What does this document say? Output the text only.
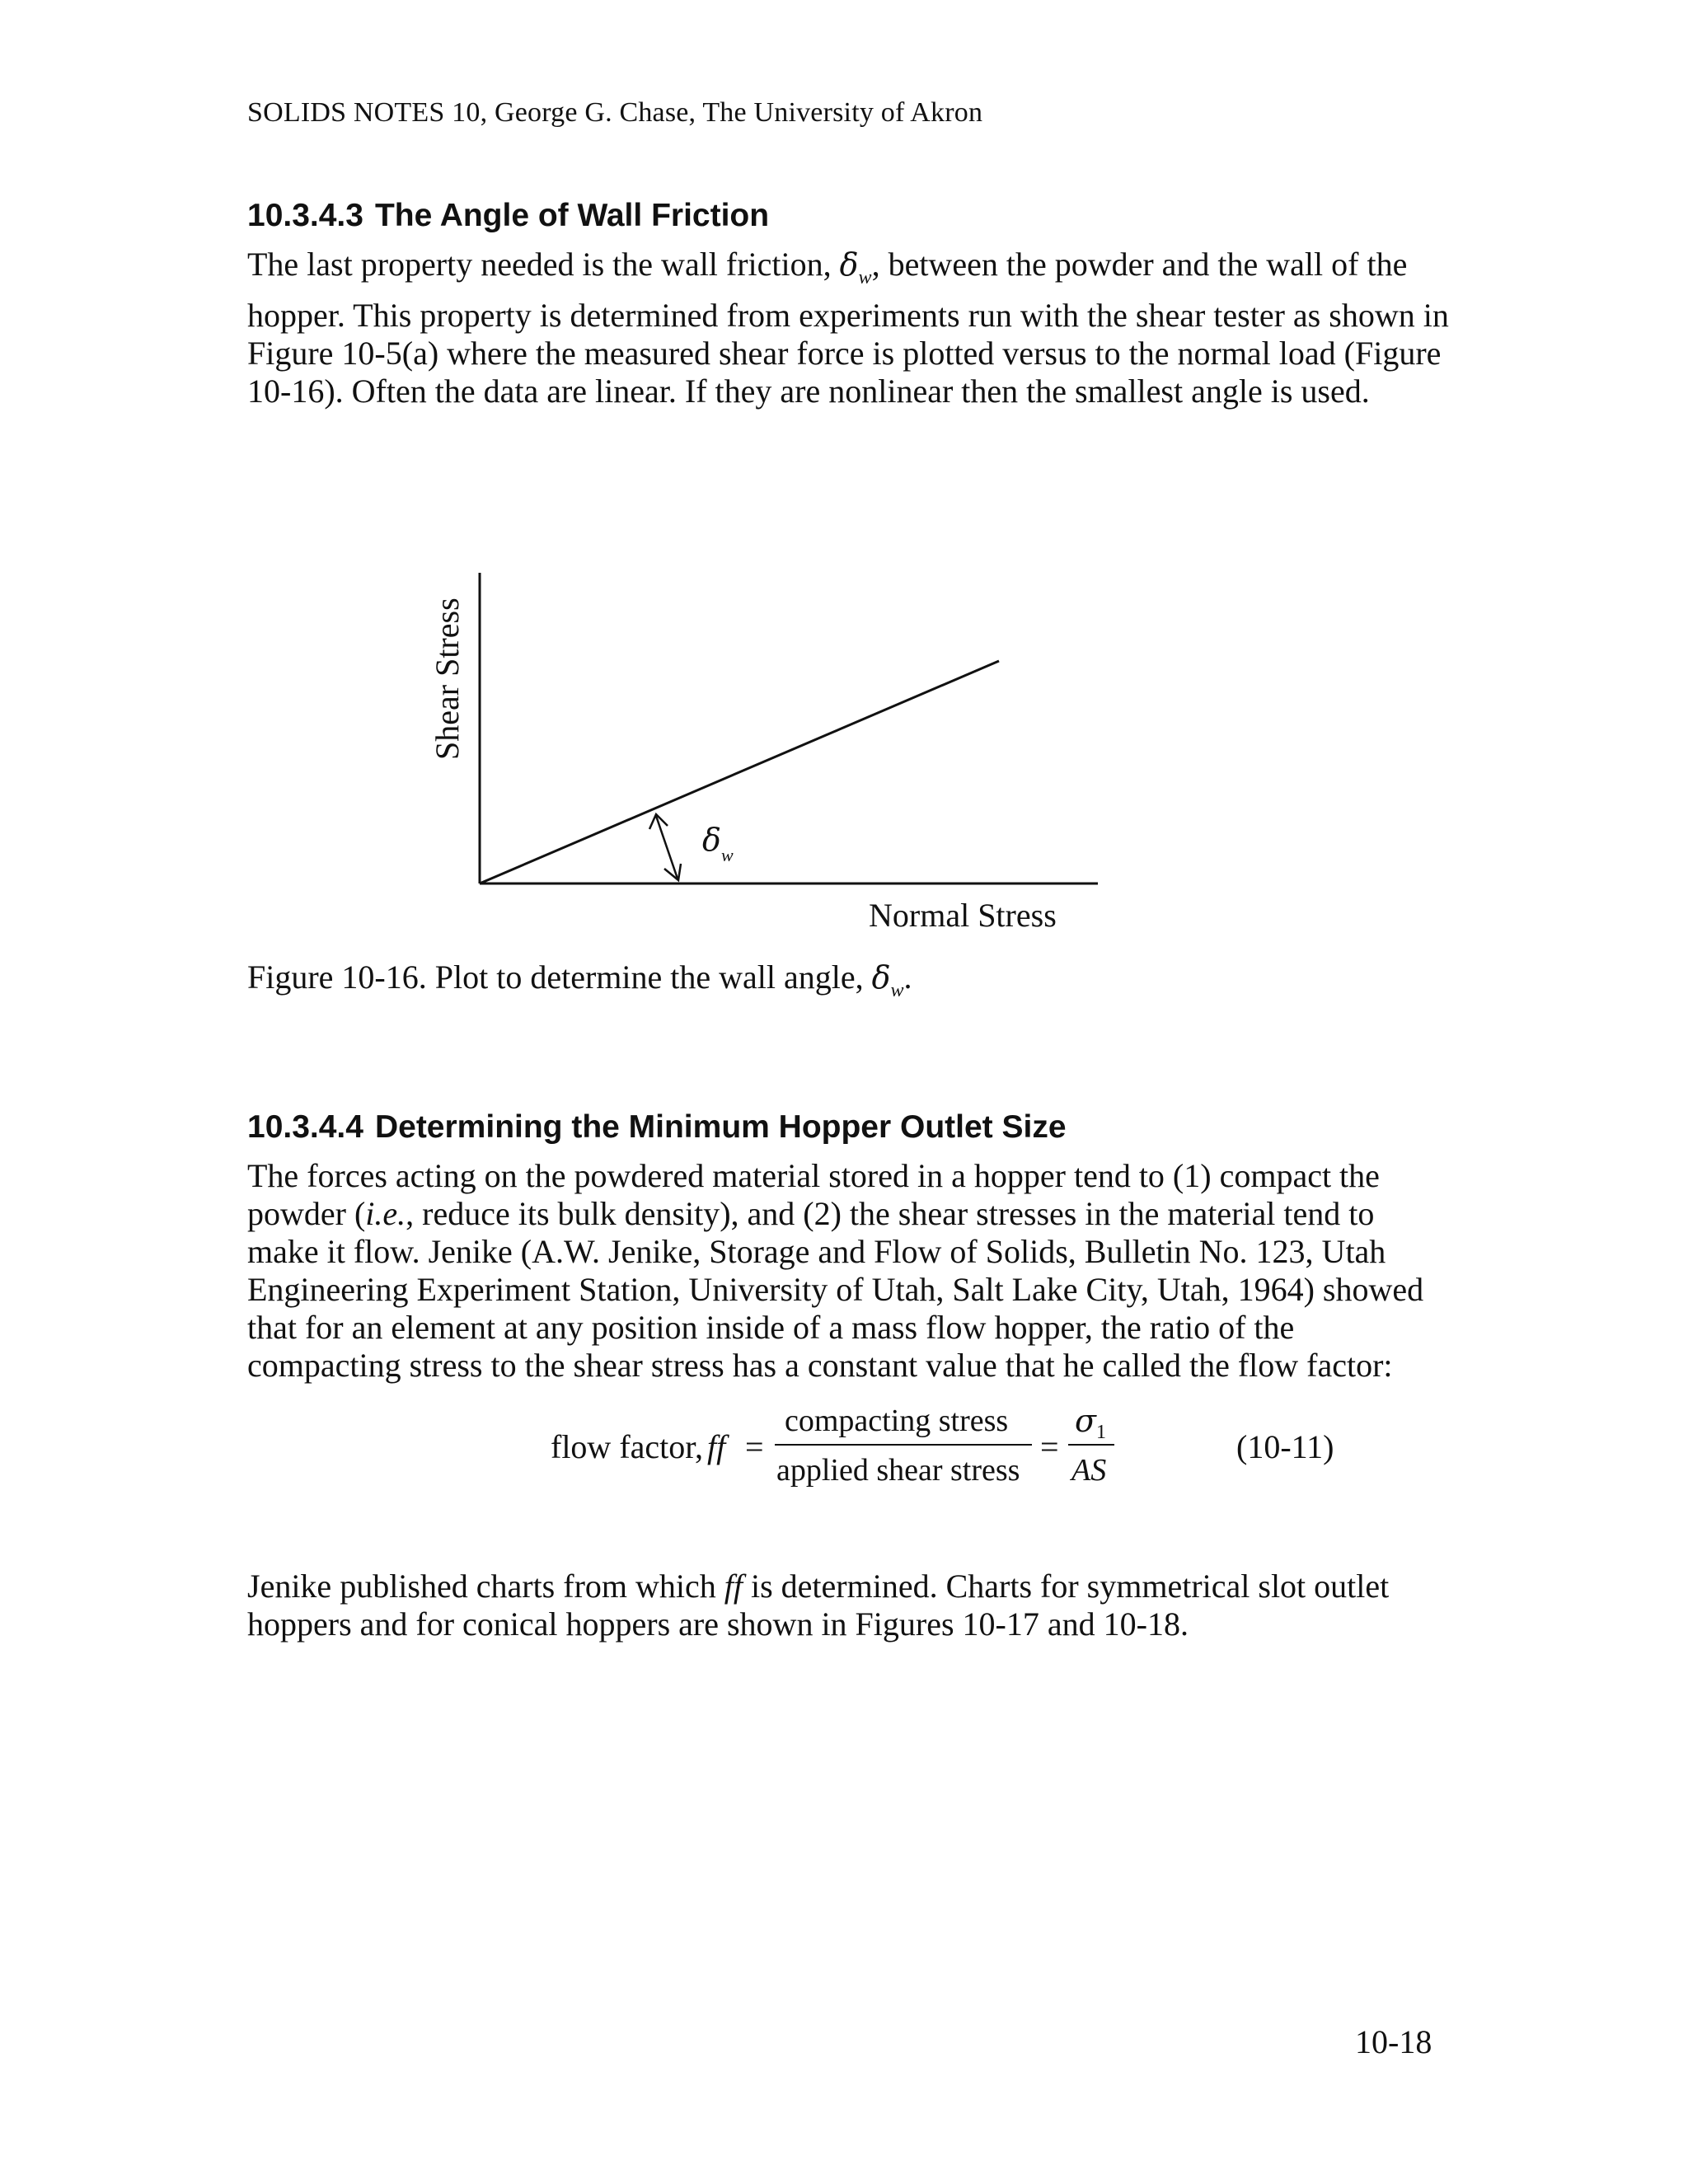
SOLIDS NOTES 10, George G. Chase, The University of Akron
10.3.4.3 The Angle of Wall Friction

The last property needed is the wall friction, $\delta_w$, between the powder and the wall of the hopper. This property is determined from experiments run with the shear tester as shown in Figure 10-5(a) where the measured shear force is plotted versus to the normal load (Figure 10-16). Often the data are linear. If they are nonlinear then the smallest angle is used.

Shear Stress
Normal Stress
δ w
Figure 10-16. Plot to determine the wall angle, $\delta_w$.
10.3.4.4 Determining the Minimum Hopper Outlet Size

The forces acting on the powdered material stored in a hopper tend to (1) compact the powder (i.e., reduce its bulk density), and (2) the shear stresses in the material tend to make it flow. Jenike (A.W. Jenike, Storage and Flow of Solids, Bulletin No. 123, Utah Engineering Experiment Station, University of Utah, Salt Lake City, Utah, 1964) showed that for an element at any position inside of a mass flow hopper, the ratio of the compacting stress to the shear stress has a constant value that he called the flow factor:

flow factor, ff =
compacting stress
applied shear stress
=
$\sigma_1$
AS
(10-11)

Jenike published charts from which ff is determined. Charts for symmetrical slot outlet hoppers and for conical hoppers are shown in Figures 10-17 and 10-18.

10-18
